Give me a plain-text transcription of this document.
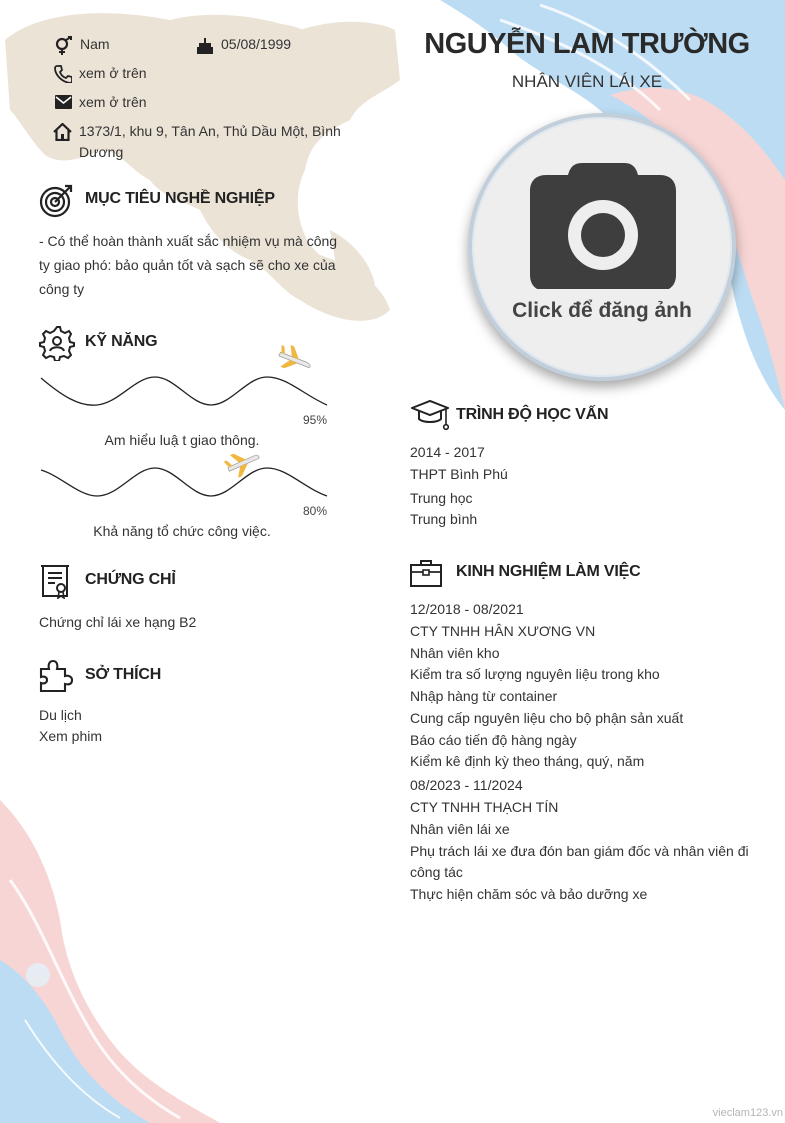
Nam	05/08/1999
xem ở trên
xem ở trên
1373/1, khu 9, Tân An, Thủ Dầu Một, Bình
Dương
MỤC TIÊU NGHỀ NGHIỆP
- Có thể hoàn thành xuất sắc nhiệm vụ mà công
ty giao phó: bảo quản tốt và sạch sẽ cho xe của
công ty
KỸ NĂNG
95%
Am hiểu luậ t giao thông.
80%
Khả năng tổ chức công việc.
CHỨNG CHỈ
Chứng chỉ lái xe hạng B2
SỞ THÍCH
Du lịch
Xem phim
NGUYỄN LAM TRƯỜNG
NHÂN VIÊN LÁI XE
Click để đăng ảnh
TRÌNH ĐỘ HỌC VẤN
2014 - 2017
THPT Bình Phú
Trung học
Trung bình
KINH NGHIỆM LÀM VIỆC
12/2018 - 08/2021
CTY TNHH HÂN XƯƠNG VN
Nhân viên kho
Kiểm tra số lượng nguyên liệu trong kho
Nhập hàng từ container
Cung cấp nguyên liệu cho bộ phận sản xuất
Báo cáo tiến độ hàng ngày
Kiểm kê định kỳ theo tháng, quý, năm
08/2023 - 11/2024
CTY TNHH THẠCH TÍN
Nhân viên lái xe
Phụ trách lái xe đưa đón ban giám đốc và nhân viên đi
công tác
Thực hiện chăm sóc và bảo dưỡng xe
vieclam123.vn
